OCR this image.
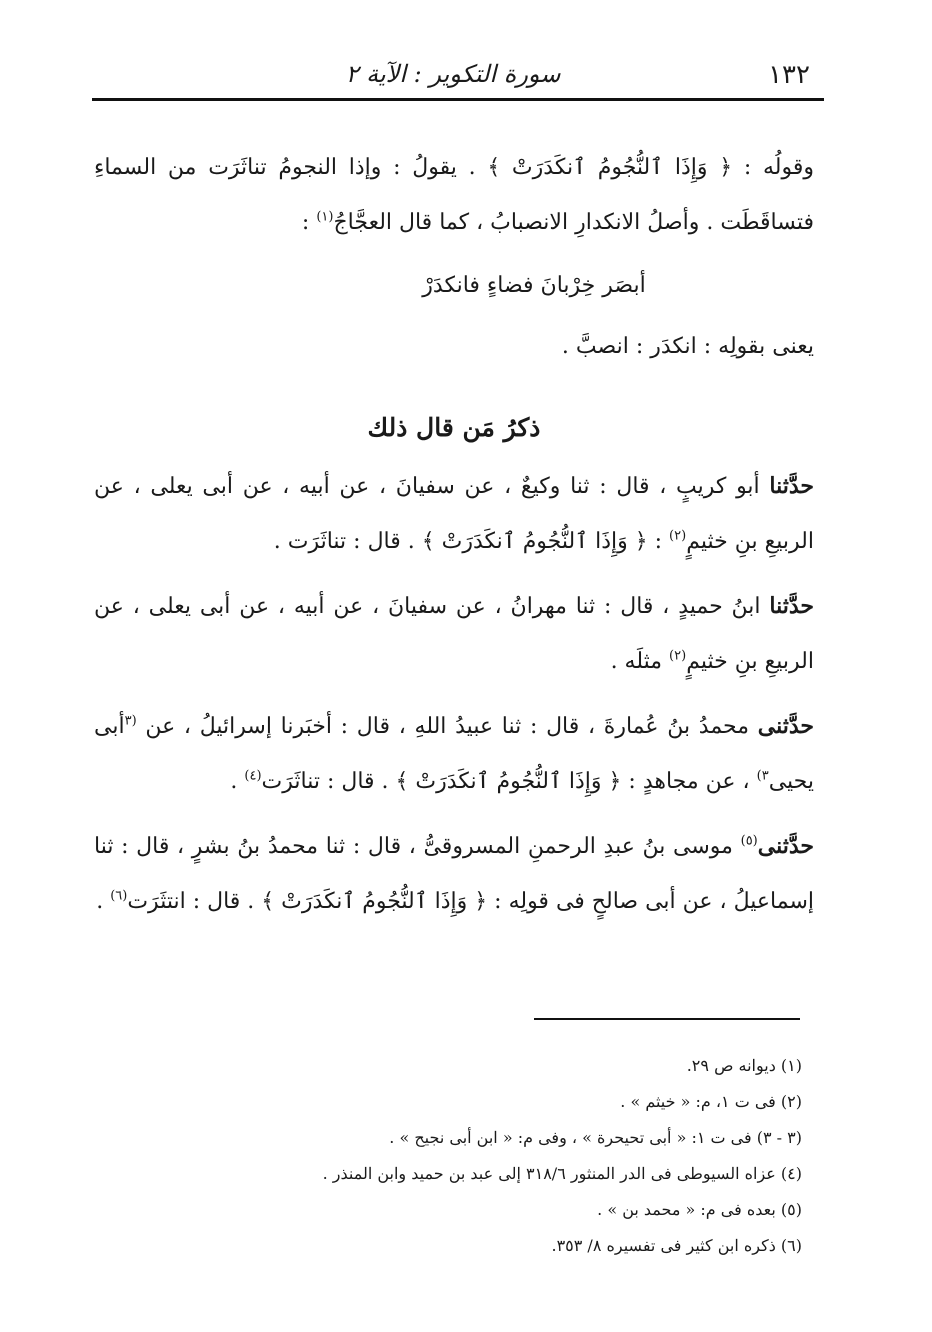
١٣٢
سورة التكوير : الآية ٢

وقولُه : ﴿ وَإِذَا ٱلنُّجُومُ ٱنكَدَرَتْ ﴾ . يقولُ : وإذا النجومُ تناثَرَت من السماءِ فتساقَطَت . وأصلُ الانكدارِ الانصبابُ ، كما قال العجَّاجُ$^{(١)}$ :

أبصَر خِرْبانَ فضاءٍ فانكدَرْ

يعنى بقولِه : انكدَر : انصبَّ .

ذكرُ مَن قال ذلك

حدَّثنا أبو كريبٍ ، قال : ثنا وكيعٌ ، عن سفيانَ ، عن أبيه ، عن أبى يعلى ، عن الربيعِ بنِ خثيمٍ$^{(٢)}$ : ﴿ وَإِذَا ٱلنُّجُومُ ٱنكَدَرَتْ ﴾ . قال : تناثَرَت .

حدَّثنا ابنُ حميدٍ ، قال : ثنا مهرانُ ، عن سفيانَ ، عن أبيه ، عن أبى يعلى ، عن الربيعِ بنِ خثيمٍ$^{(٢)}$ مثلَه .

حدَّثنى محمدُ بنُ عُمارةَ ، قال : ثنا عبيدُ اللهِ ، قال : أخبَرنا إسرائيلُ ، عن $^{(٣}$أبى يحيى$^{٣)}$ ، عن مجاهدٍ : ﴿ وَإِذَا ٱلنُّجُومُ ٱنكَدَرَتْ ﴾ . قال : تناثَرَت$^{(٤)}$ .

حدَّثنى$^{(٥)}$ موسى بنُ عبدِ الرحمنِ المسروقىُّ ، قال : ثنا محمدُ بنُ بشرٍ ، قال : ثنا إسماعيلُ ، عن أبى صالحٍ فى قولِه : ﴿ وَإِذَا ٱلنُّجُومُ ٱنكَدَرَتْ ﴾ . قال : انتثَرَت$^{(٦)}$ .

(١) ديوانه ص ٢٩.

(٢) فى ت ١، م: « خيثم » .

(٣ - ٣) فى ت ١: « أبى تحيحرة » ، وفى م: « ابن أبى نجيح » .

(٤) عزاه السيوطى فى الدر المنثور ٣١٨/٦ إلى عبد بن حميد وابن المنذر .

(٥) بعده فى م: « محمد بن » .

(٦) ذكره ابن كثير فى تفسيره ٨/ ٣٥٣.
